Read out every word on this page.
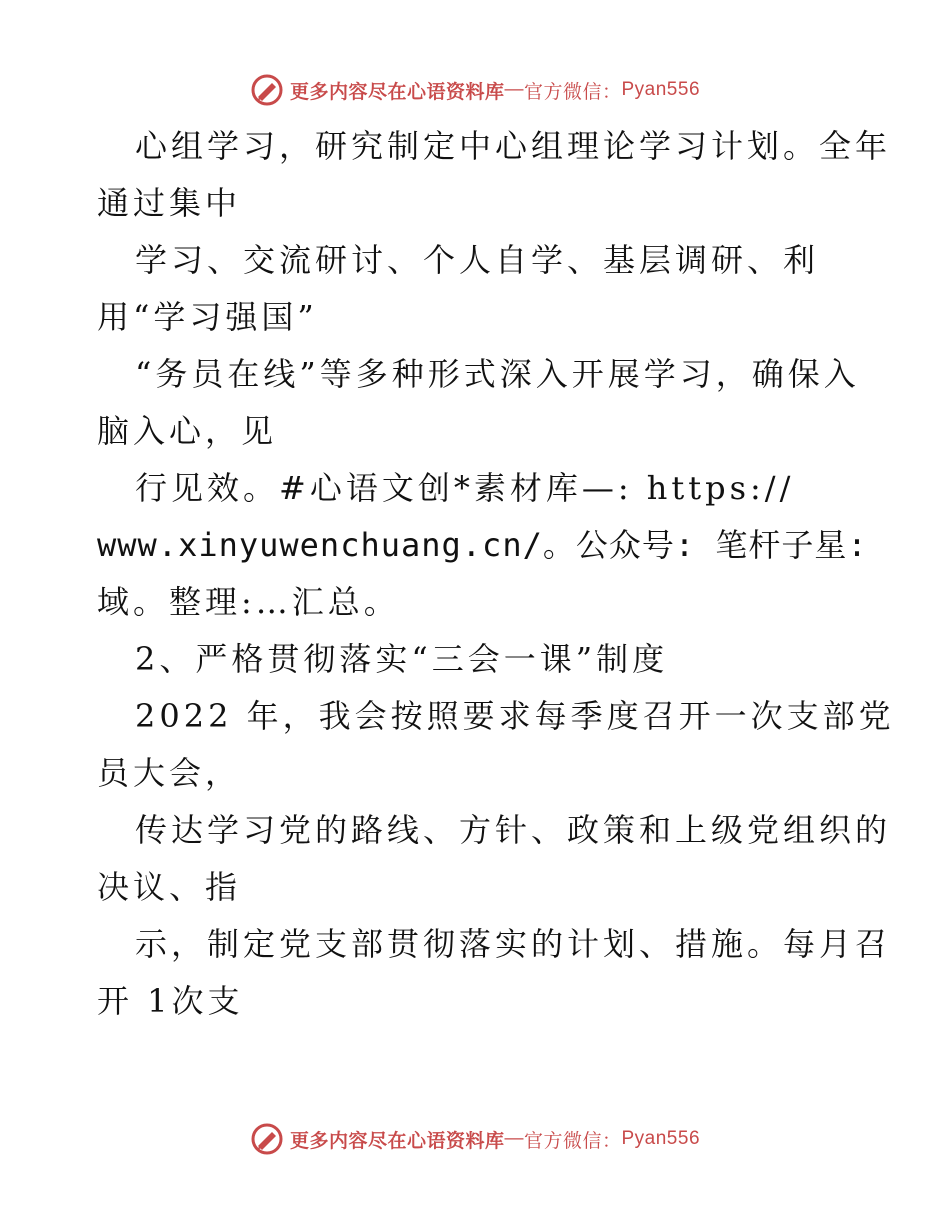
更多内容尽在心语资料库 — 官方微信： Pyan556
心组学习，研究制定中心组理论学习计划。全年
通过集中
学习、交流研讨、个人自学、基层调研、利
用“学习强国”
“务员在线”等多种形式深入开展学习，确保入
脑入心，见
行见效。#心语文创*素材库—: https://
www.xinyuwenchuang.cn/。公众号: 笔杆子星:
域。整理:…汇总。
2、严格贯彻落实“三会一课”制度
2022 年，我会按照要求每季度召开一次支部党
员大会，
传达学习党的路线、方针、政策和上级党组织的
决议、指
示，制定党支部贯彻落实的计划、措施。每月召
开 1次支
更多内容尽在心语资料库 — 官方微信： Pyan556
